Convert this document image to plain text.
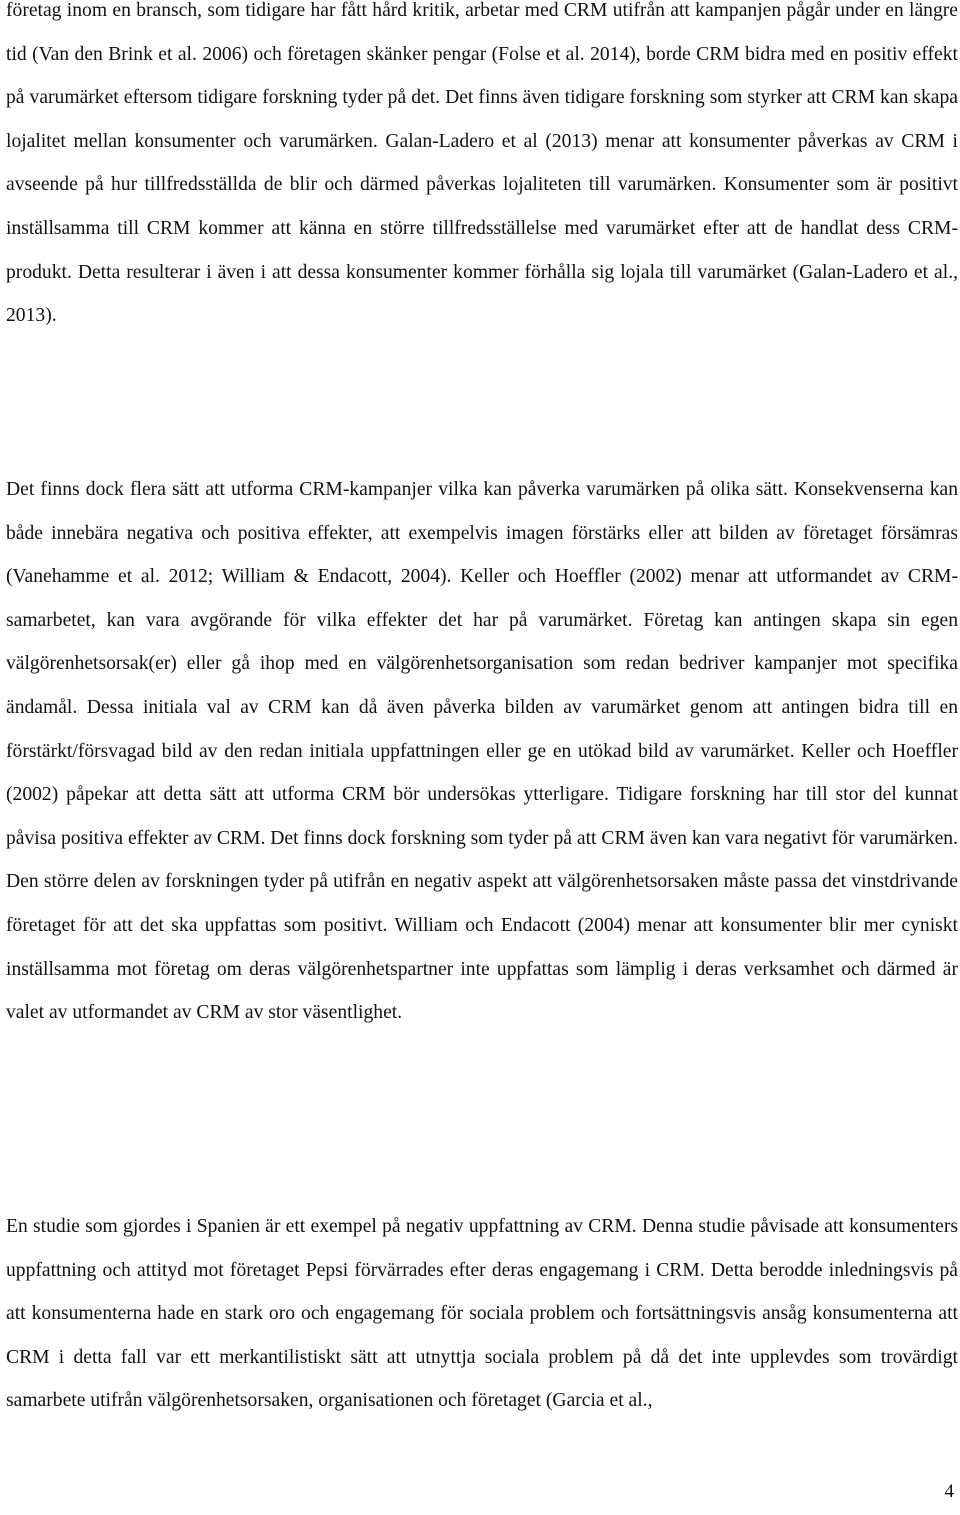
företag inom en bransch, som tidigare har fått hård kritik, arbetar med CRM utifrån att kampanjen pågår under en längre tid (Van den Brink et al. 2006) och företagen skänker pengar (Folse et al. 2014), borde CRM bidra med en positiv effekt på varumärket eftersom tidigare forskning tyder på det. Det finns även tidigare forskning som styrker att CRM kan skapa lojalitet mellan konsumenter och varumärken. Galan-Ladero et al (2013) menar att konsumenter påverkas av CRM i avseende på hur tillfredsställda de blir och därmed påverkas lojaliteten till varumärken. Konsumenter som är positivt inställsamma till CRM kommer att känna en större tillfredsställelse med varumärket efter att de handlat dess CRM-produkt. Detta resulterar i även i att dessa konsumenter kommer förhålla sig lojala till varumärket (Galan-Ladero et al., 2013).

Det finns dock flera sätt att utforma CRM-kampanjer vilka kan påverka varumärken på olika sätt. Konsekvenserna kan både innebära negativa och positiva effekter, att exempelvis imagen förstärks eller att bilden av företaget försämras (Vanehamme et al. 2012; William & Endacott, 2004). Keller och Hoeffler (2002) menar att utformandet av CRM-samarbetet, kan vara avgörande för vilka effekter det har på varumärket. Företag kan antingen skapa sin egen välgörenhetsorsak(er) eller gå ihop med en välgörenhetsorganisation som redan bedriver kampanjer mot specifika ändamål. Dessa initiala val av CRM kan då även påverka bilden av varumärket genom att antingen bidra till en förstärkt/försvagad bild av den redan initiala uppfattningen eller ge en utökad bild av varumärket. Keller och Hoeffler (2002) påpekar att detta sätt att utforma CRM bör undersökas ytterligare. Tidigare forskning har till stor del kunnat påvisa positiva effekter av CRM. Det finns dock forskning som tyder på att CRM även kan vara negativt för varumärken. Den större delen av forskningen tyder på utifrån en negativ aspekt att välgörenhetsorsaken måste passa det vinstdrivande företaget för att det ska uppfattas som positivt. William och Endacott (2004) menar att konsumenter blir mer cyniskt inställsamma mot företag om deras välgörenhetspartner inte uppfattas som lämplig i deras verksamhet och därmed är valet av utformandet av CRM av stor väsentlighet.

En studie som gjordes i Spanien är ett exempel på negativ uppfattning av CRM. Denna studie påvisade att konsumenters uppfattning och attityd mot företaget Pepsi förvärrades efter deras engagemang i CRM. Detta berodde inledningsvis på att konsumenterna hade en stark oro och engagemang för sociala problem och fortsättningsvis ansåg konsumenterna att CRM i detta fall var ett merkantilistiskt sätt att utnyttja sociala problem på då det inte upplevdes som trovärdigt samarbete utifrån välgörenhetsorsaken, organisationen och företaget (Garcia et al.,

4
